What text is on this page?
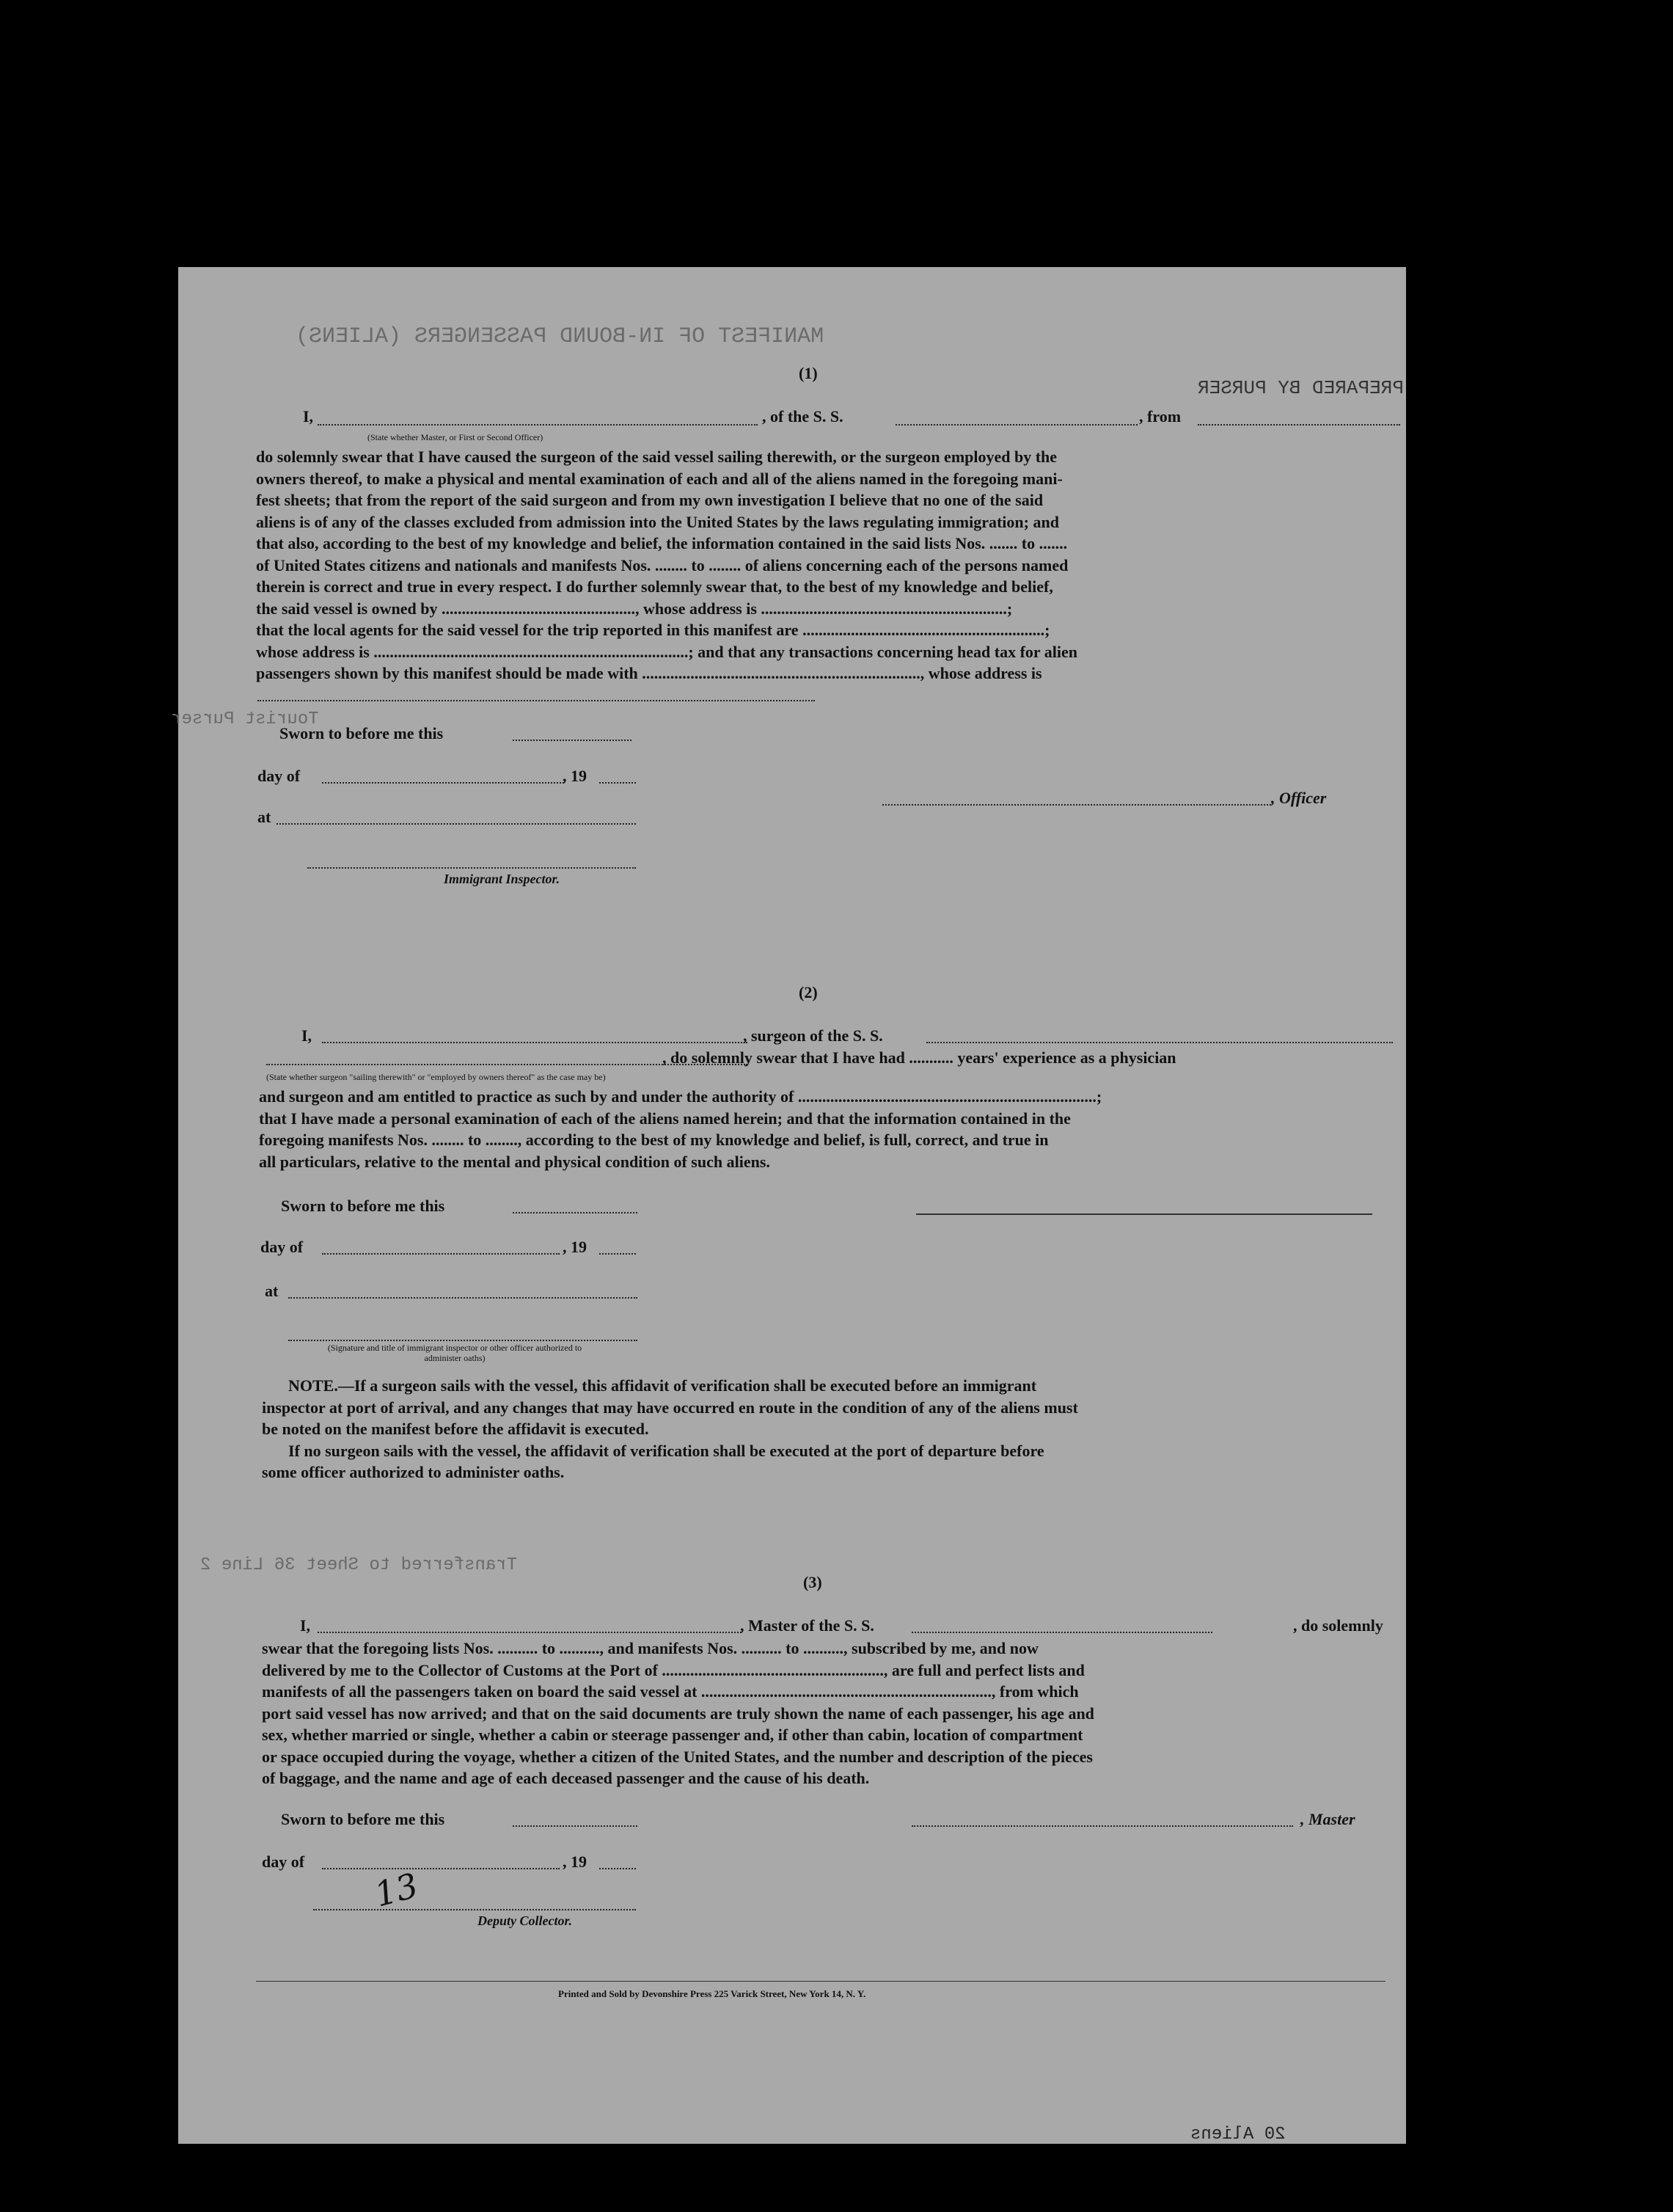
MANIFEST OF IN-BOUND PASSENGERS (ALIENS)
PREPARED BY PURSER
Tourist Purser
Transferred to Sheet 36 Line 2
20 Aliens
(1)
I,
(State whether Master, or First or Second Officer)
, of the S. S.	, from
do solemnly swear that I have caused the surgeon of the said vessel sailing therewith, or the surgeon employed by the
owners thereof, to make a physical and mental examination of each and all of the aliens named in the foregoing mani-
fest sheets; that from the report of the said surgeon and from my own investigation I believe that no one of the said
aliens is of any of the classes excluded from admission into the United States by the laws regulating immigration; and
that also, according to the best of my knowledge and belief, the information contained in the said lists Nos. ....... to .......
of United States citizens and nationals and manifests Nos. ........ to ........ of aliens concerning each of the persons named
therein is correct and true in every respect. I do further solemnly swear that, to the best of my knowledge and belief,
the said vessel is owned by ................................................, whose address is .............................................................;
that the local agents for the said vessel for the trip reported in this manifest are ............................................................;
whose address is ..............................................................................; and that any transactions concerning head tax for alien
passengers shown by this manifest should be made with ....................................................................., whose address is
Sworn to before me this
day of	, 19
, Officer
at
Immigrant Inspector.
(2)
I,	, surgeon of the S. S.
, do solemnly swear that I have had ........... years' experience as a physician
(State whether surgeon "sailing therewith" or "employed by owners thereof" as the case may be)
and surgeon and am entitled to practice as such by and under the authority of ..........................................................................;
that I have made a personal examination of each of the aliens named herein; and that the information contained in the
foregoing manifests Nos. ........ to ........, according to the best of my knowledge and belief, is full, correct, and true in
all particulars, relative to the mental and physical condition of such aliens.
Sworn to before me this
day of	, 19
at
(Signature and title of immigrant inspector or other officer authorized to administer oaths)
NOTE.—If a surgeon sails with the vessel, this affidavit of verification shall be executed before an immigrant
inspector at port of arrival, and any changes that may have occurred en route in the condition of any of the aliens must
be noted on the manifest before the affidavit is executed.
If no surgeon sails with the vessel, the affidavit of verification shall be executed at the port of departure before
some officer authorized to administer oaths.
(3)
I,	, Master of the S. S.	, do solemnly
swear that the foregoing lists Nos. .......... to .........., and manifests Nos. .......... to .........., subscribed by me, and now
delivered by me to the Collector of Customs at the Port of ......................................................., are full and perfect lists and
manifests of all the passengers taken on board the said vessel at ........................................................................, from which
port said vessel has now arrived; and that on the said documents are truly shown the name of each passenger, his age and
sex, whether married or single, whether a cabin or steerage passenger and, if other than cabin, location of compartment
or space occupied during the voyage, whether a citizen of the United States, and the number and description of the pieces
of baggage, and the name and age of each deceased passenger and the cause of his death.
Sworn to before me this	, Master
day of	, 19
13
Deputy Collector.
Printed and Sold by Devonshire Press 225 Varick Street, New York 14, N. Y.
